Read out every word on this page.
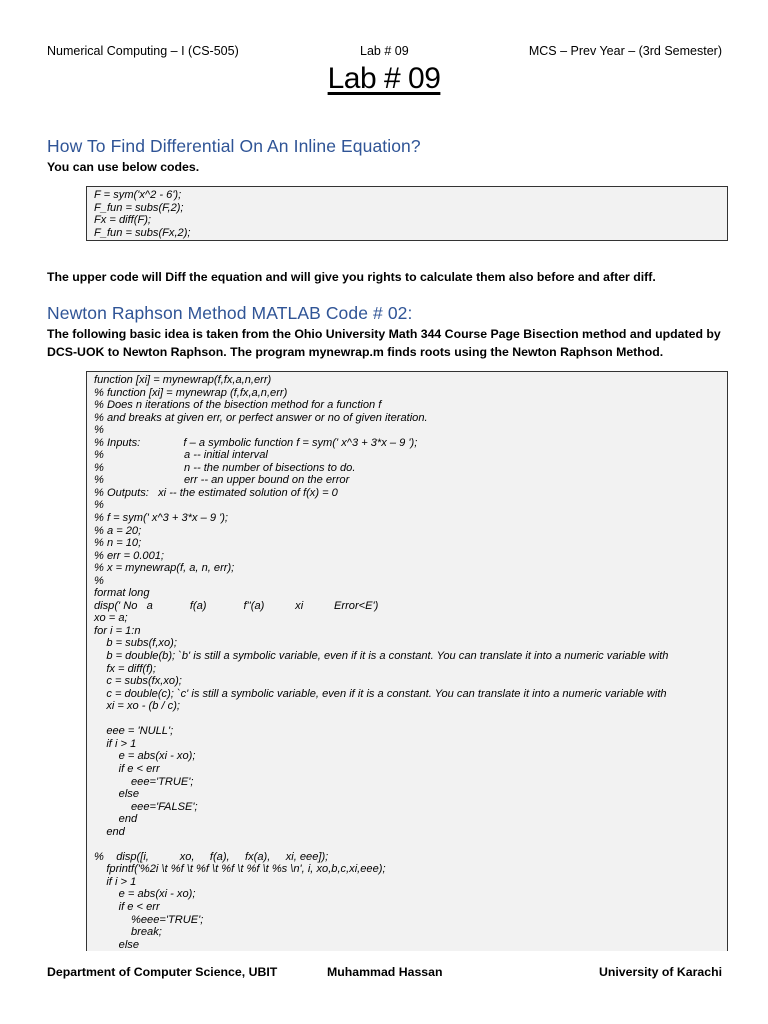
Numerical Computing – I (CS-505)	Lab # 09	MCS – Prev Year – (3rd Semester)
Lab # 09
How To Find Differential On An Inline Equation?
You can use below codes.
F = sym('x^2 - 6');
F_fun = subs(F,2);
Fx = diff(F);
F_fun = subs(Fx,2);
The upper code will Diff the equation and will give you rights to calculate them also before and after diff.
Newton Raphson Method MATLAB Code # 02:
The following basic idea is taken from the Ohio University Math 344 Course Page Bisection method and updated by DCS-UOK to Newton Raphson. The program mynewrap.m finds roots using the Newton Raphson Method.
function [xi] = mynewrap(f,fx,a,n,err)
% function [xi] = mynewrap (f,fx,a,n,err)
% Does n iterations of the bisection method for a function f
% and breaks at given err, or perfect answer or no of given iteration.
%
% Inputs:              f – a symbolic function f = sym(' x^3 + 3*x – 9 ');
%                          a -- initial interval
%                          n -- the number of bisections to do.
%                          err -- an upper bound on the error
% Outputs:   xi -- the estimated solution of f(x) = 0
%
% f = sym(' x^3 + 3*x – 9 ');
% a = 20;
% n = 10;
% err = 0.001;
% x = mynewrap(f, a, n, err);
%
format long
disp(' No   a            f(a)            f''(a)          xi          Error<E')
xo = a;
for i = 1:n
b = subs(f,xo);
b = double(b); `b' is still a symbolic variable, even if it is a constant. You can translate it into a numeric variable with
fx = diff(f);
c = subs(fx,xo);
c = double(c); `c' is still a symbolic variable, even if it is a constant. You can translate it into a numeric variable with
xi = xo - (b / c);
eee = 'NULL';
if i > 1
e = abs(xi - xo);
if e < err
eee='TRUE';
else
eee='FALSE';
end
end
%    disp([i,          xo,     f(a),     fx(a),     xi, eee]);
fprintf('%2i \t %f \t %f \t %f \t %f \t %s \n', i, xo,b,c,xi,eee);
if i > 1
e = abs(xi - xo);
if e < err
%eee='TRUE';
break;
else
Department of Computer Science, UBIT	Muhammad Hassan	University of Karachi
